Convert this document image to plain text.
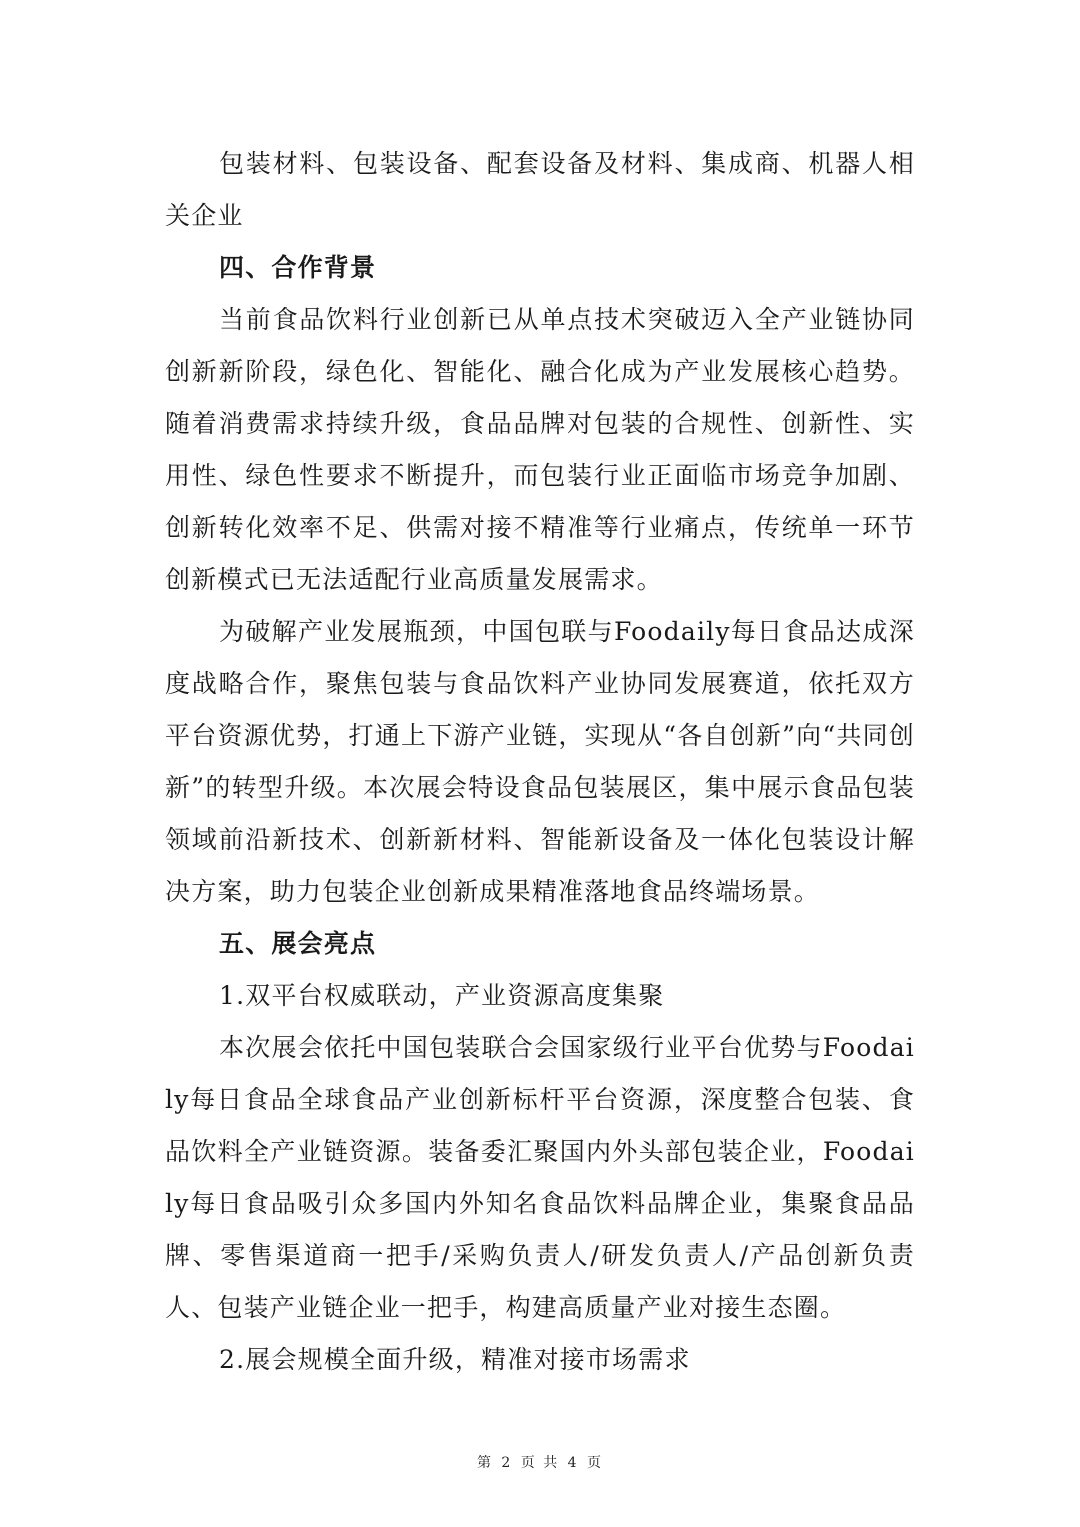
包装材料、包装设备、配套设备及材料、集成商、机器人相关企业

四、合作背景

当前食品饮料行业创新已从单点技术突破迈入全产业链协同创新新阶段，绿色化、智能化、融合化成为产业发展核心趋势。随着消费需求持续升级，食品品牌对包装的合规性、创新性、实用性、绿色性要求不断提升，而包装行业正面临市场竞争加剧、创新转化效率不足、供需对接不精准等行业痛点，传统单一环节创新模式已无法适配行业高质量发展需求。

为破解产业发展瓶颈，中国包联与Foodaily每日食品达成深度战略合作，聚焦包装与食品饮料产业协同发展赛道，依托双方平台资源优势，打通上下游产业链，实现从“各自创新”向“共同创新”的转型升级。本次展会特设食品包装展区，集中展示食品包装领域前沿新技术、创新新材料、智能新设备及一体化包装设计解决方案，助力包装企业创新成果精准落地食品终端场景。

五、展会亮点

1.双平台权威联动，产业资源高度集聚

本次展会依托中国包装联合会国家级行业平台优势与Foodaily每日食品全球食品产业创新标杆平台资源，深度整合包装、食品饮料全产业链资源。装备委汇聚国内外头部包装企业，Foodaily每日食品吸引众多国内外知名食品饮料品牌企业，集聚食品品牌、零售渠道商一把手/采购负责人/研发负责人/产品创新负责人、包装产业链企业一把手，构建高质量产业对接生态圈。

2.展会规模全面升级，精准对接市场需求

第 2 页 共 4 页
